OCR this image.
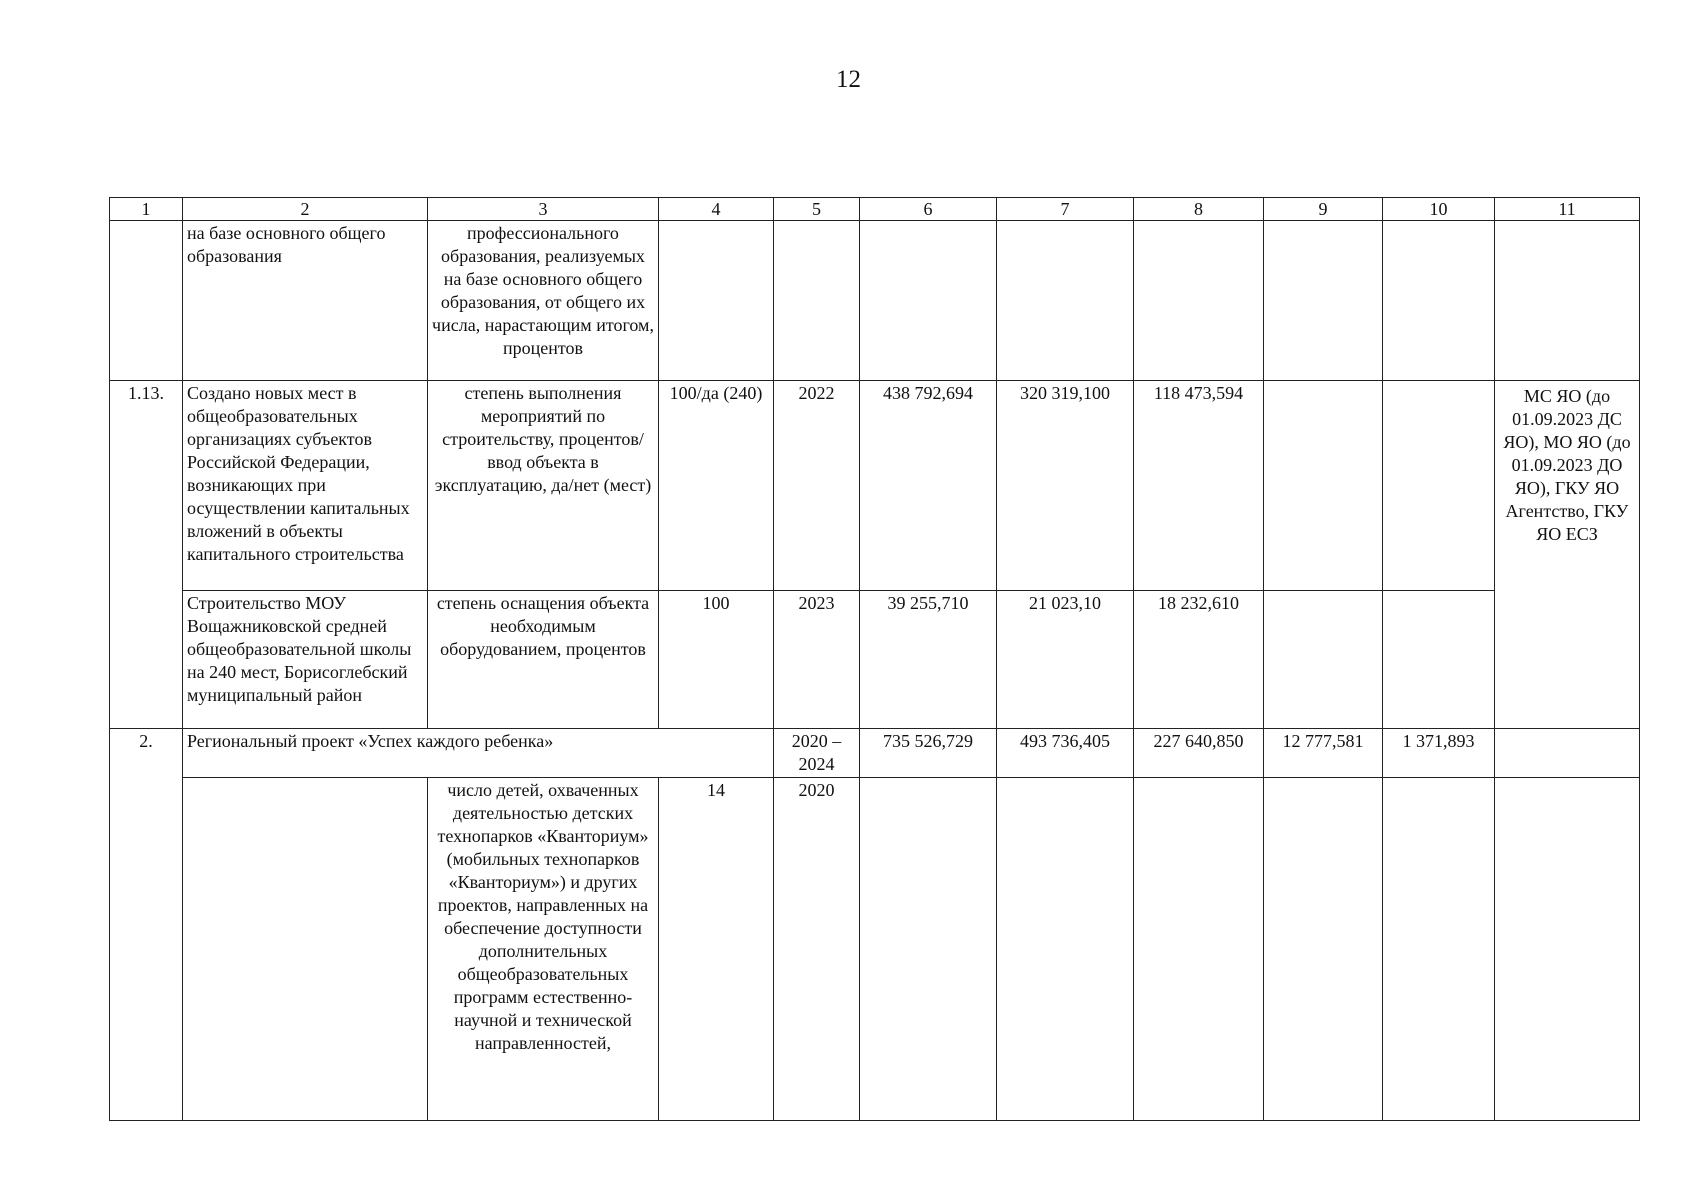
12
1	2	3	4	5	6	7	8	9	10	11
	на базе основного общего образования	профессионального образования, реализуемых на базе основного общего образования, от общего их числа, нарастающим итогом, процентов								
1.13.	Создано новых мест в общеобразовательных организациях субъектов Российской Федерации, возникающих при осуществлении капитальных вложений в объекты капитального строительства	степень выполнения мероприятий по строительству, процентов/ ввод объекта в эксплуатацию, да/нет (мест)	100/да (240)	2022	438 792,694	320 319,100	118 473,594			МС ЯО (до 01.09.2023 ДС ЯО), МО ЯО (до 01.09.2023 ДО ЯО), ГКУ ЯО Агентство, ГКУ ЯО ЕСЗ
	Строительство МОУ Вощажниковской средней общеобразовательной школы на 240 мест, Борисоглебский муниципальный район	степень оснащения объекта необходимым оборудованием, процентов	100	2023	39 255,710	21 023,10	18 232,610			
2.	Региональный проект «Успех каждого ребенка»			2020 – 2024	735 526,729	493 736,405	227 640,850	12 777,581	1 371,893	
		число детей, охваченных деятельностью детских технопарков «Кванториум» (мобильных технопарков «Кванториум») и других проектов, направленных на обеспечение доступности дополнительных общеобразовательных программ естественно-научной и технической направленностей,	14	2020						
